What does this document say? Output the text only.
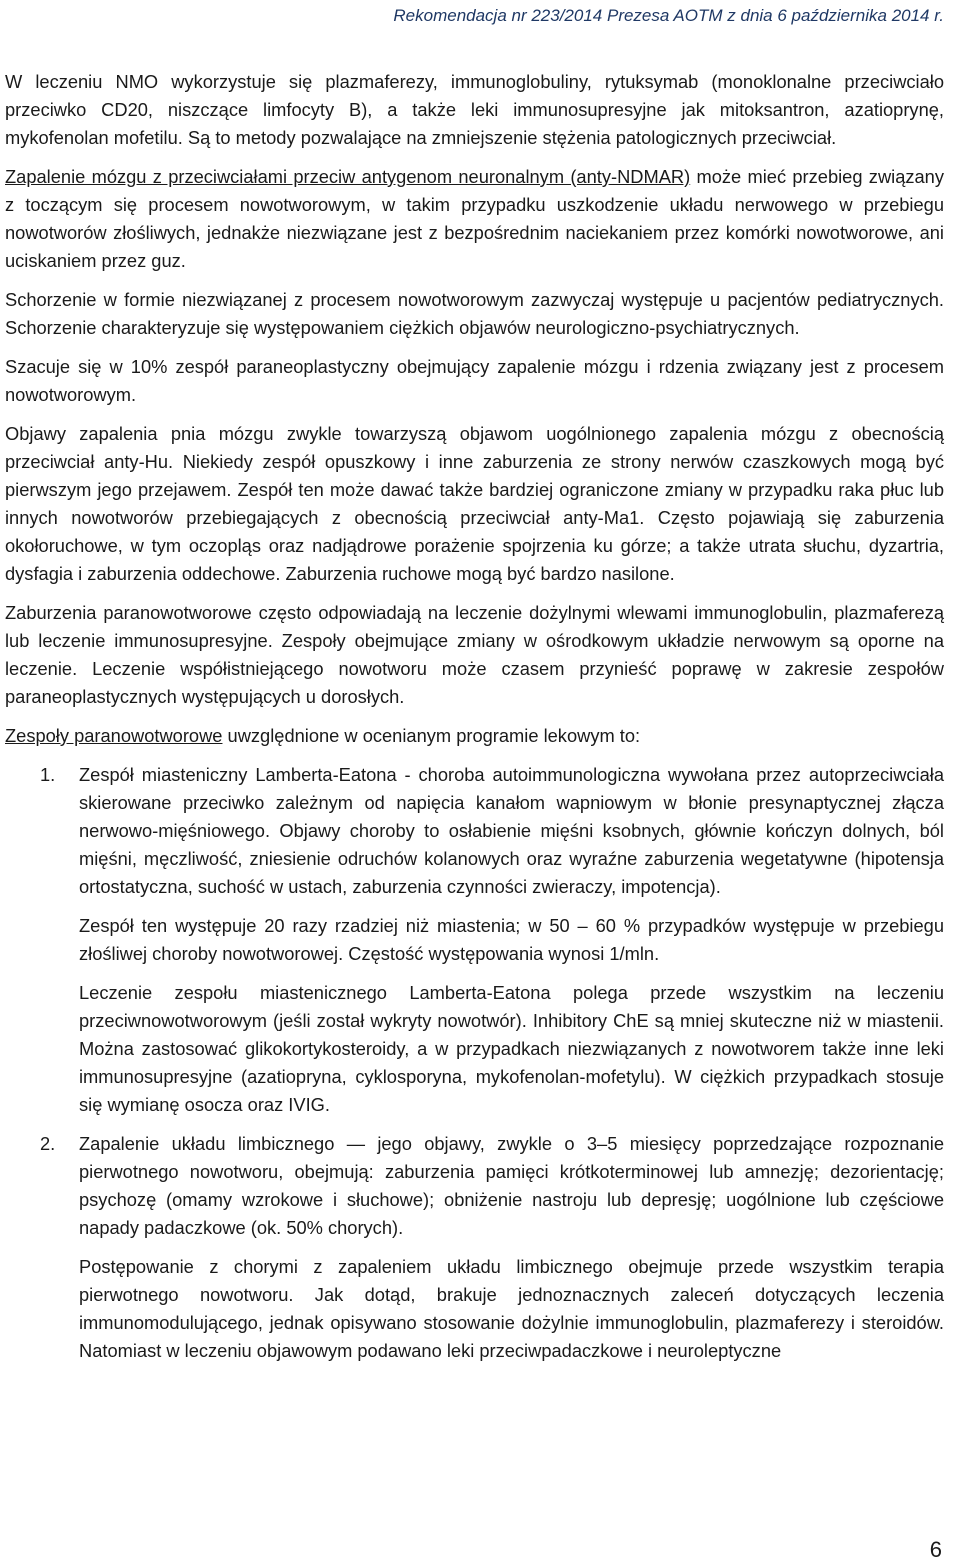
Rekomendacja nr 223/2014 Prezesa AOTM z dnia 6 października 2014 r.

W leczeniu NMO wykorzystuje się plazmaferezy, immunoglobuliny, rytuksymab (monoklonalne przeciwciało przeciwko CD20, niszczące limfocyty B), a także leki immunosupresyjne jak mitoksantron, azatioprynę, mykofenolan mofetilu. Są to metody pozwalające na zmniejszenie stężenia patologicznych przeciwciał.

Zapalenie mózgu z przeciwciałami przeciw antygenom neuronalnym (anty-NDMAR) może mieć przebieg związany z toczącym się procesem nowotworowym, w takim przypadku uszkodzenie układu nerwowego w przebiegu nowotworów złośliwych, jednakże niezwiązane jest z bezpośrednim naciekaniem przez komórki nowotworowe, ani uciskaniem przez guz.

Schorzenie w formie niezwiązanej z procesem nowotworowym zazwyczaj występuje u pacjentów pediatrycznych. Schorzenie charakteryzuje się występowaniem ciężkich objawów neurologiczno-psychiatrycznych.

Szacuje się w 10% zespół paraneoplastyczny obejmujący zapalenie mózgu i rdzenia związany jest z procesem nowotworowym.

Objawy zapalenia pnia mózgu zwykle towarzyszą objawom uogólnionego zapalenia mózgu z obecnością przeciwciał anty-Hu. Niekiedy zespół opuszkowy i inne zaburzenia ze strony nerwów czaszkowych mogą być pierwszym jego przejawem. Zespół ten może dawać także bardziej ograniczone zmiany w przypadku raka płuc lub innych nowotworów przebiegających z obecnością przeciwciał anty-Ma1. Często pojawiają się zaburzenia okołoruchowe, w tym oczopląs oraz nadjądrowe porażenie spojrzenia ku górze; a także utrata słuchu, dyzartria, dysfagia i zaburzenia oddechowe. Zaburzenia ruchowe mogą być bardzo nasilone.

Zaburzenia paranowotworowe często odpowiadają na leczenie dożylnymi wlewami immunoglobulin, plazmaferezą lub leczenie immunosupresyjne. Zespoły obejmujące zmiany w ośrodkowym układzie nerwowym są oporne na leczenie. Leczenie współistniejącego nowotworu może czasem przynieść poprawę w zakresie zespołów paraneoplastycznych występujących u dorosłych.

Zespoły paranowotworowe uwzględnione w ocenianym programie lekowym to:

1. Zespół miasteniczny Lamberta-Eatona - choroba autoimmunologiczna wywołana przez autoprzeciwciała skierowane przeciwko zależnym od napięcia kanałom wapniowym w błonie presynaptycznej złącza nerwowo-mięśniowego. Objawy choroby to osłabienie mięśni ksobnych, głównie kończyn dolnych, ból mięśni, męczliwość, zniesienie odruchów kolanowych oraz wyraźne zaburzenia wegetatywne (hipotensja ortostatyczna, suchość w ustach, zaburzenia czynności zwieraczy, impotencja).

Zespół ten występuje 20 razy rzadziej niż miastenia; w 50 – 60 % przypadków występuje w przebiegu złośliwej choroby nowotworowej. Częstość występowania wynosi 1/mln.

Leczenie zespołu miastenicznego Lamberta-Eatona polega przede wszystkim na leczeniu przeciwnowotworowym (jeśli został wykryty nowotwór). Inhibitory ChE są mniej skuteczne niż w miastenii. Można zastosować glikokortykosteroidy, a w przypadkach niezwiązanych z nowotworem także inne leki immunosupresyjne (azatiopryna, cyklosporyna, mykofenolan-mofetylu). W ciężkich przypadkach stosuje się wymianę osocza oraz IVIG.

2. Zapalenie układu limbicznego — jego objawy, zwykle o 3–5 miesięcy poprzedzające rozpoznanie pierwotnego nowotworu, obejmują: zaburzenia pamięci krótkoterminowej lub amnezję; dezorientację; psychozę (omamy wzrokowe i słuchowe); obniżenie nastroju lub depresję; uogólnione lub częściowe napady padaczkowe (ok. 50% chorych).

Postępowanie z chorymi z zapaleniem układu limbicznego obejmuje przede wszystkim terapia pierwotnego nowotworu. Jak dotąd, brakuje jednoznacznych zaleceń dotyczących leczenia immunomodulującego, jednak opisywano stosowanie dożylnie immunoglobulin, plazmaferezy i steroidów. Natomiast w leczeniu objawowym podawano leki przeciwpadaczkowe i neuroleptyczne

6
